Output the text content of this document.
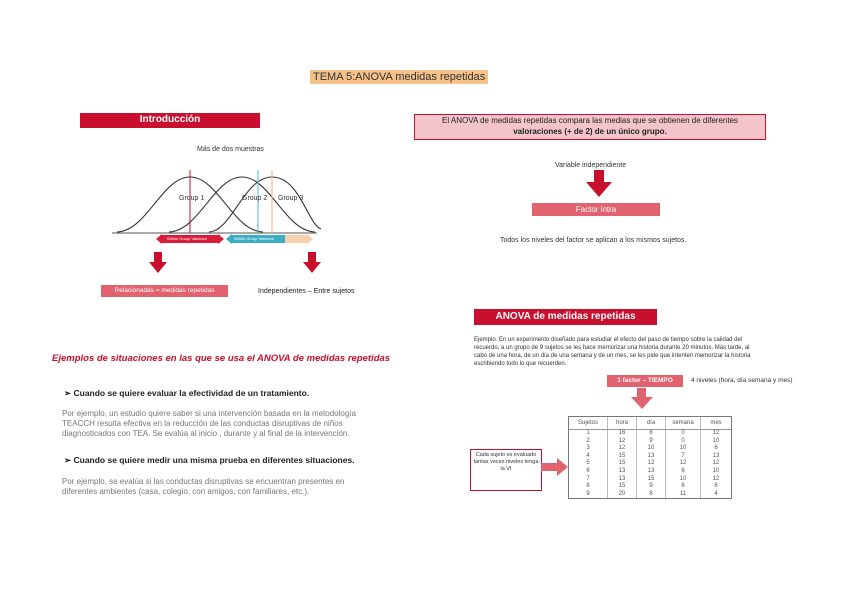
TEMA 5:ANOVA medidas repetidas
Introducción
Más de dos muestras
Group 1	Group 2 Group 3
Within Group Variance	Within Group Variance
Relacionadas = medidas repetidas	Independientes – Entre sujetos
El ANOVA de medidas repetidas compara las medias que se obtienen de diferentes
valoraciones (+ de 2) de un único grupo.
Variable independiente
Factor intra
Todos los niveles del factor se aplican a los mismos sujetos.
Ejemplos de situaciones en las que se usa el ANOVA de medidas repetidas
➢ Cuando se quiere evaluar la efectividad de un tratamiento.
Por ejemplo, un estudio quiere saber si una intervención basada en la metodología
TEACCH resulta efectiva en la reducción de las conductas disruptivas de niños
diagnosticados con TEA. Se evalúa al inicio , durante y al final de la intervención.
➢ Cuando se quiere medir una misma prueba en diferentes situaciones.
Por ejemplo, se evalúa si las conductas disruptivas se encuentran presentes en
diferentes ambientes (casa, colegio, con amigos, con familiares, etc.).
ANOVA de medidas repetidas
Ejemplo. En un experimento diseñado para estudiar el efecto del paso de tiempo sobre la calidad del
recuerdo, a un grupo de 9 sujetos se les hace memorizar una historia durante 20 minutos. Más tarde, al
cabo de una hora, de un día de una semana y de un mes, se les pide que intenten memorizar la historia
escribiendo todo lo que recuerden.
1 factor – TIEMPO	4 niveles (hora, día semana y mes)
Cada sujeto es evaluado tantas veces niveles tenga la VI
Sujetos	hora	día	semana	mes
1	16	8	0	12
2	12	9	0	10
3	12	10	10	6
4	15	13	7	13
5	15	12	12	12
6	13	13	6	10
7	13	15	10	12
8	15	9	6	6
9	20	8	11	4
